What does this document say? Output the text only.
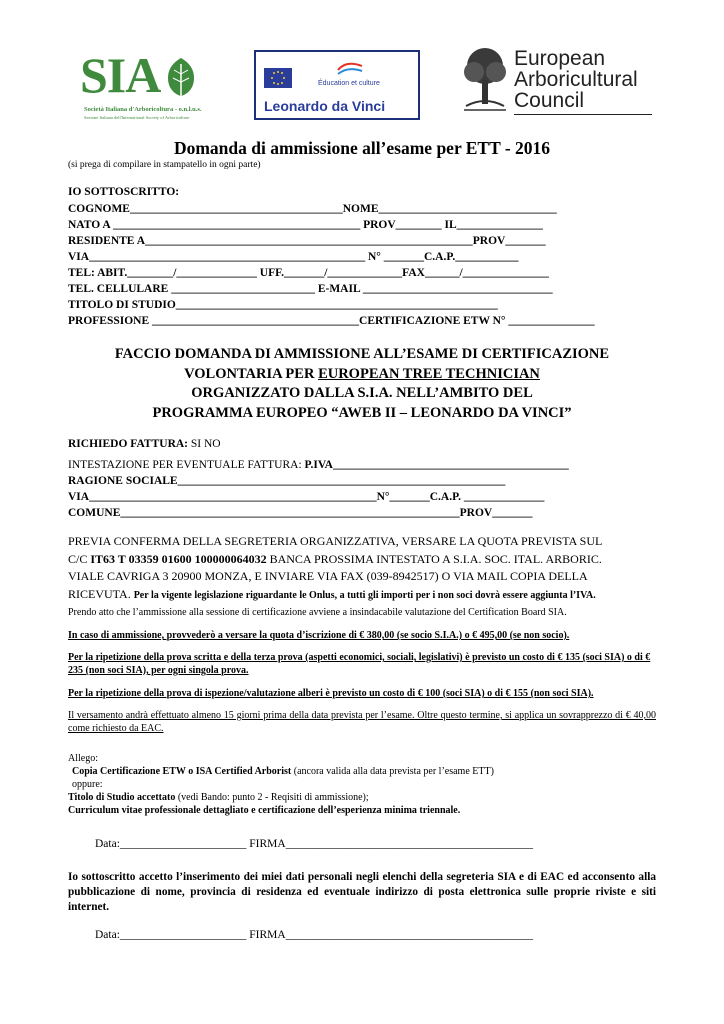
SIA
Società Italiana d'Arboricoltura - o.n.l.u.s.
Sezione Italiana dell'International Society of Arboriculture
Éducation et culture
Leonardo da Vinci
European
Arboricultural
Council
Domanda di ammissione all’esame per ETT - 2016
(si prega di compilare in stampatello in ogni parte)
IO SOTTOSCRITTO:
COGNOME_____________________________________NOME_______________________________
NATO A ___________________________________________ PROV________ IL_______________
RESIDENTE A_________________________________________________________PROV_______
VIA________________________________________________ N° _______C.A.P.___________
TEL: ABIT.________/______________ UFF._______/_____________FAX______/_______________
TEL. CELLULARE _________________________ E-MAIL _________________________________
TITOLO DI STUDIO________________________________________________________
PROFESSIONE ____________________________________CERTIFICAZIONE ETW N° _______________
FACCIO DOMANDA DI AMMISSIONE ALL’ESAME DI CERTIFICAZIONE
VOLONTARIA PER EUROPEAN TREE TECHNICIAN
ORGANIZZATO DALLA S.I.A. NELL’AMBITO DEL
PROGRAMMA EUROPEO “AWEB II – LEONARDO DA VINCI”
RICHIEDO FATTURA: SI NO
INTESTAZIONE PER EVENTUALE FATTURA: P.IVA_________________________________________
RAGIONE SOCIALE_________________________________________________________
VIA__________________________________________________N°_______C.A.P. ______________
COMUNE___________________________________________________________PROV_______
PREVIA CONFERMA DELLA SEGRETERIA ORGANIZZATIVA, VERSARE LA QUOTA PREVISTA SUL
C/C IT63 T 03359 01600 100000064032 BANCA PROSSIMA INTESTATO A S.I.A. SOC. ITAL. ARBORIC.
VIALE CAVRIGA 3 20900 MONZA, E INVIARE VIA FAX (039-8942517) O VIA MAIL COPIA DELLA
RICEVUTA. Per la vigente legislazione riguardante le Onlus, a tutti gli importi per i non soci dovrà essere aggiunta l’IVA.
Prendo atto che l’ammissione alla sessione di certificazione avviene a insindacabile valutazione del Certification Board SIA.
In caso di ammissione, provvederò a versare la quota d’iscrizione di € 380,00 (se socio S.I.A.) o € 495,00 (se non socio).
Per la ripetizione della prova scritta e della terza prova (aspetti economici, sociali, legislativi) è previsto un costo di € 135 (soci SIA) o di € 235 (non soci SIA), per ogni singola prova.
Per la ripetizione della prova di ispezione/valutazione alberi è previsto un costo di € 100 (soci SIA) o di € 155 (non soci SIA).
Il versamento andrà effettuato almeno 15 giorni prima della data prevista per l’esame. Oltre questo termine, si applica un sovrapprezzo di € 40,00 come richiesto da EAC.
Allego:
Copia Certificazione ETW o ISA Certified Arborist (ancora valida alla data prevista per l’esame ETT)
oppure:
Titolo di Studio accettato (vedi Bando: punto 2 - Reqisiti di ammissione);
Curriculum vitae professionale dettagliato e certificazione dell’esperienza minima triennale.
Data:______________________ FIRMA___________________________________________
Io sottoscritto accetto l’inserimento dei miei dati personali negli elenchi della segreteria SIA e di EAC ed acconsento alla pubblicazione di nome, provincia di residenza ed eventuale indirizzo di posta elettronica sulle proprie riviste e siti internet.
Data:______________________ FIRMA___________________________________________
